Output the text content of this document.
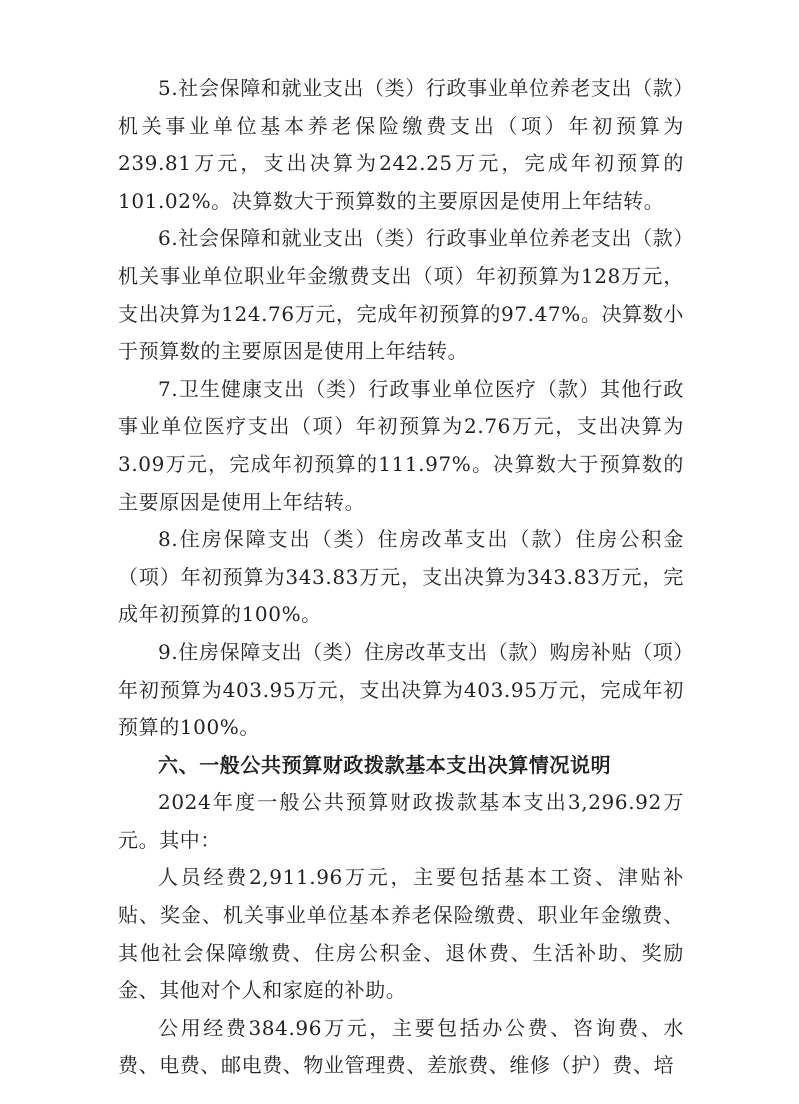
5.社会保障和就业支出（类）行政事业单位养老支出（款）机关事业单位基本养老保险缴费支出（项）年初预算为239.81万元，支出决算为242.25万元，完成年初预算的101.02%。决算数大于预算数的主要原因是使用上年结转。

6.社会保障和就业支出（类）行政事业单位养老支出（款）机关事业单位职业年金缴费支出（项）年初预算为128万元，支出决算为124.76万元，完成年初预算的97.47%。决算数小于预算数的主要原因是使用上年结转。

7.卫生健康支出（类）行政事业单位医疗（款）其他行政事业单位医疗支出（项）年初预算为2.76万元，支出决算为3.09万元，完成年初预算的111.97%。决算数大于预算数的主要原因是使用上年结转。

8.住房保障支出（类）住房改革支出（款）住房公积金（项）年初预算为343.83万元，支出决算为343.83万元，完成年初预算的100%。

9.住房保障支出（类）住房改革支出（款）购房补贴（项）年初预算为403.95万元，支出决算为403.95万元，完成年初预算的100%。

六、一般公共预算财政拨款基本支出决算情况说明

2024年度一般公共预算财政拨款基本支出3,296.92万元。其中：

人员经费2,911.96万元，主要包括基本工资、津贴补贴、奖金、机关事业单位基本养老保险缴费、职业年金缴费、其他社会保障缴费、住房公积金、退休费、生活补助、奖励金、其他对个人和家庭的补助。

公用经费384.96万元，主要包括办公费、咨询费、水费、电费、邮电费、物业管理费、差旅费、维修（护）费、培
